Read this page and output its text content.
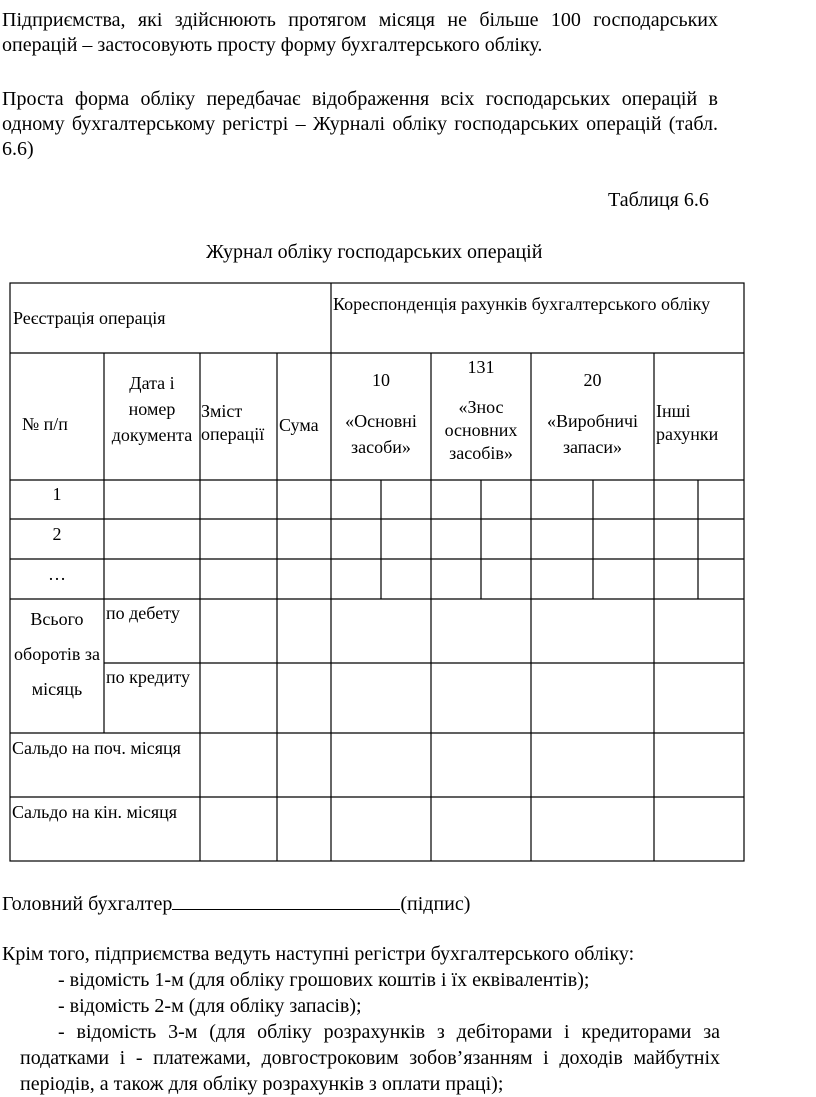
Підприємства, які здійснюють протягом місяця не більше 100 господарських операцій – застосовують просту форму бухгалтерського обліку.

Проста форма обліку передбачає відображення всіх господарських операцій в одному бухгалтерському регістрі – Журналі обліку господарських операцій (табл. 6.6)

Таблиця 6.6
Журнал обліку господарських операцій
Реєстрація операція
Кореспонденція рахунків бухгалтерського обліку
№ п/п
Дата і номер документа
Зміст операції Сума
10
«Основні засоби»
131
«Знос основних засобів»
20
«Виробничі запаси»
Інші рахунки
1
2
…
Всього оборотів за місяць
по дебету
по кредиту
Сальдо на поч. місяця
Сальдо на кін. місяця
Головний бухгалтер	(підпис)
Крім того, підприємства ведуть наступні регістри бухгалтерського обліку:
- відомість 1-м (для обліку грошових коштів і їх еквівалентів);
- відомість 2-м (для обліку запасів);

- відомість 3-м (для обліку розрахунків з дебіторами і кредиторами за податками і - платежами, довгостроковим зобов’язанням і доходів майбутніх періодів, а також для обліку розрахунків з оплати праці);
